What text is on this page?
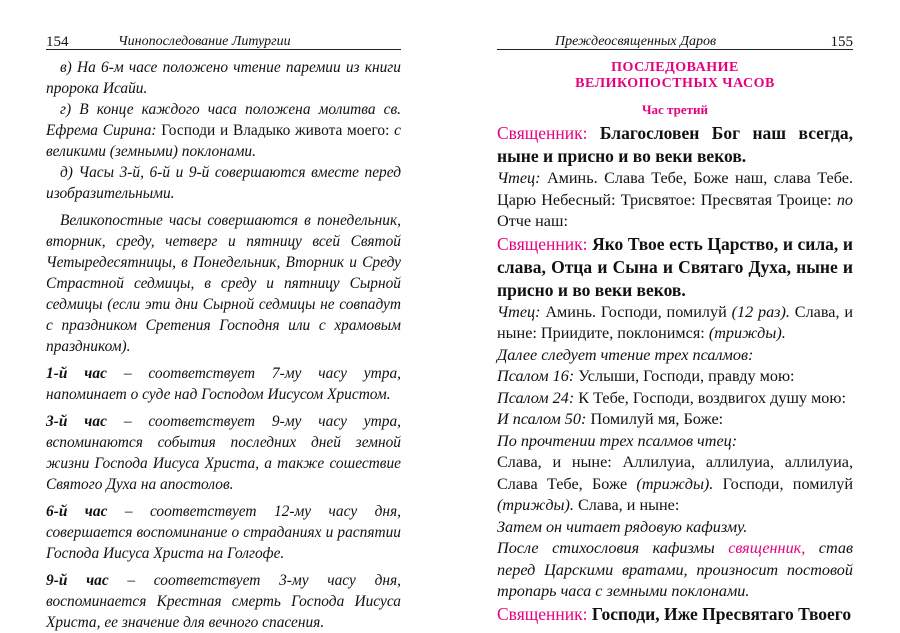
154	Чинопоследование Литургии

в) На 6-м часе положено чтение паремии из книги пророка Исайи.

г) В конце каждого часа положена молитва св. Ефрема Сирина: Господи и Владыко живота моего: с великими (земными) поклонами.

д) Часы 3-й, 6-й и 9-й совершаются вместе перед изобразительными.

Великопостные часы совершаются в понедельник, вторник, среду, четверг и пятницу всей Святой Четыредесятницы, в Понедельник, Вторник и Среду Страстной седмицы, в среду и пятницу Сырной седмицы (если эти дни Сырной седмицы не совпадут с праздником Сретения Господня или с храмовым праздником).

1-й час – соответствует 7-му часу утра, напоминает о суде над Господом Иисусом Христом.

3-й час – соответствует 9-му часу утра, вспоминаются события последних дней земной жизни Господа Иисуса Христа, а также сошествие Святого Духа на апостолов.

6-й час – соответствует 12-му часу дня, совершается воспоминание о страданиях и распятии Господа Иисуса Христа на Голгофе.

9-й час – соответствует 3-му часу дня, воспоминается Крестная смерть Господа Иисуса Христа, ее значение для вечного спасения.

Преждеосвященных Даров	155
ПОСЛЕДОВАНИЕ
ВЕЛИКОПОСТНЫХ ЧАСОВ
Час третий

Священник: Благословен Бог наш всегда, ныне и присно и во веки веков.

Чтец: Аминь. Слава Тебе, Боже наш, слава Тебе. Царю Небесный: Трисвятое: Пресвятая Троице: по Отче наш:

Священник: Яко Твое есть Царство, и сила, и слава, Отца и Сына и Святаго Духа, ныне и присно и во веки веков.

Чтец: Аминь. Господи, помилуй (12 раз). Слава, и ныне: Приидите, поклонимся: (трижды).

Далее следует чтение трех псалмов:

Псалом 16: Услыши, Господи, правду мою:

Псалом 24: К Тебе, Господи, воздвигох душу мою:

И псалом 50: Помилуй мя, Боже:

По прочтении трех псалмов чтец:

Слава, и ныне: Аллилуиа, аллилуиа, аллилуиа, Слава Тебе, Боже (трижды). Господи, помилуй (трижды). Слава, и ныне:

Затем он читает рядовую кафизму.

После стихословия кафизмы священник, став перед Царскими вратами, произносит постовой тропарь часа с земными поклонами.

Священник: Господи, Иже Пресвятаго Твоего
